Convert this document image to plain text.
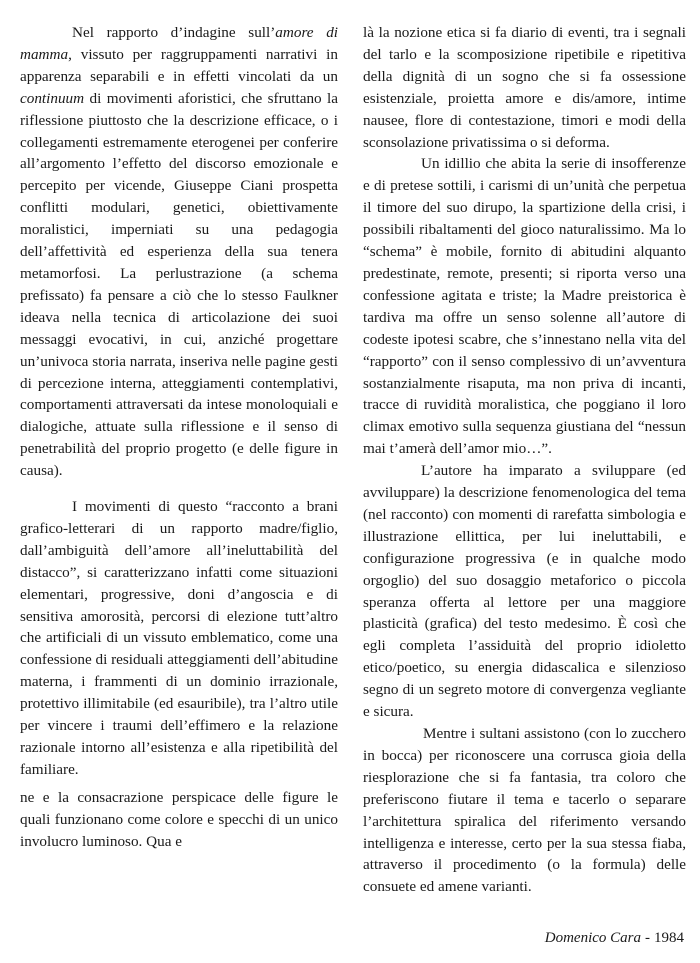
Nel rapporto d’indagine sull’amore di mamma, vissuto per raggruppamenti narrativi in apparenza separabili e in effetti vincolati da un continuum di movimenti aforistici, che sfruttano la riflessione piuttosto che la descrizione efficace, o i collegamenti estremamente eterogenei per conferire all’argomento l’effetto del discorso emozionale e percepito per vicende, Giuseppe Ciani prospetta conflitti modulari, genetici, obiettivamente moralistici, imperniati su una pedagogia dell’affettività ed esperienza della sua tenera metamorfosi. La perlustrazione (a schema prefissato) fa pensare a ciò che lo stesso Faulkner ideava nella tecnica di articolazione dei suoi messaggi evocativi, in cui, anziché progettare un’univoca storia narrata, inseriva nelle pagine gesti di percezione interna, atteggiamenti contemplativi, comportamenti attraversati da intese monoloquiali e dialogiche, attuate sulla riflessione e il senso di penetrabilità del proprio progetto (e delle figure in causa).

I movimenti di questo “racconto a brani grafico-letterari di un rapporto madre/figlio, dall’ambiguità dell’amore all’ineluttabilità del distacco”, si caratterizzano infatti come situazioni elementari, progressive, doni d’angoscia e di sensitiva amorosità, percorsi di elezione tutt’altro che artificiali di un vissuto emblematico, come una confessione di residuali atteggiamenti dell’abitudine materna, i frammenti di un dominio irrazionale, protettivo illimitabile (ed esauribile), tra l’altro utile per vincere i traumi dell’effimero e la relazione razionale intorno all’esistenza e alla ripetibilità del familiare.

ne e la consacrazione perspicace delle figure le quali funzionano come colore e specchi di un unico involucro luminoso. Qua e

là la nozione etica si fa diario di eventi, tra i segnali del tarlo e la scomposizione ripetibile e ripetitiva della dignità di un sogno che si fa ossessione esistenziale, proietta amore e dis/amore, intime nausee, flore di contestazione, timori e modi della sconsolazione privatissima o si deforma.

Un idillio che abita la serie di insofferenze e di pretese sottili, i carismi di un’unità che perpetua il timore del suo dirupo, la spartizione della crisi, i possibili ribaltamenti del gioco naturalissimo. Ma lo “schema” è mobile, fornito di abitudini alquanto predestinate, remote, presenti; si riporta verso una confessione agitata e triste; la Madre preistorica è tardiva ma offre un senso solenne all’autore di codeste ipotesi scabre, che s’innestano nella vita del “rapporto” con il senso complessivo di un’avventura sostanzialmente risaputa, ma non priva di incanti, tracce di ruvidità moralistica, che poggiano il loro climax emotivo sulla sequenza giustiana del “nessun mai t’amerà dell’amor mio…”.

L’autore ha imparato a sviluppare (ed avviluppare) la descrizione fenomenologica del tema (nel racconto) con momenti di rarefatta simbologia e illustrazione ellittica, per lui ineluttabili, e configurazione progressiva (e in qualche modo orgoglio) del suo dosaggio metaforico o piccola speranza offerta al lettore per una maggiore plasticità (grafica) del testo medesimo. È così che egli completa l’assiduità del proprio idioletto etico/poetico, su energia didascalica e silenzioso segno di un segreto motore di convergenza vegliante e sicura.

Mentre i sultani assistono (con lo zucchero in bocca) per riconoscere una corrusca gioia della riesplorazione che si fa fantasia, tra coloro che preferiscono fiutare il tema e tacerlo o separare l’architettura spiralica del riferimento versando intelligenza e interesse, certo per la sua stessa fiaba, attraverso il procedimento (o la formula) delle consuete ed amene varianti.

Domenico Cara - 1984
